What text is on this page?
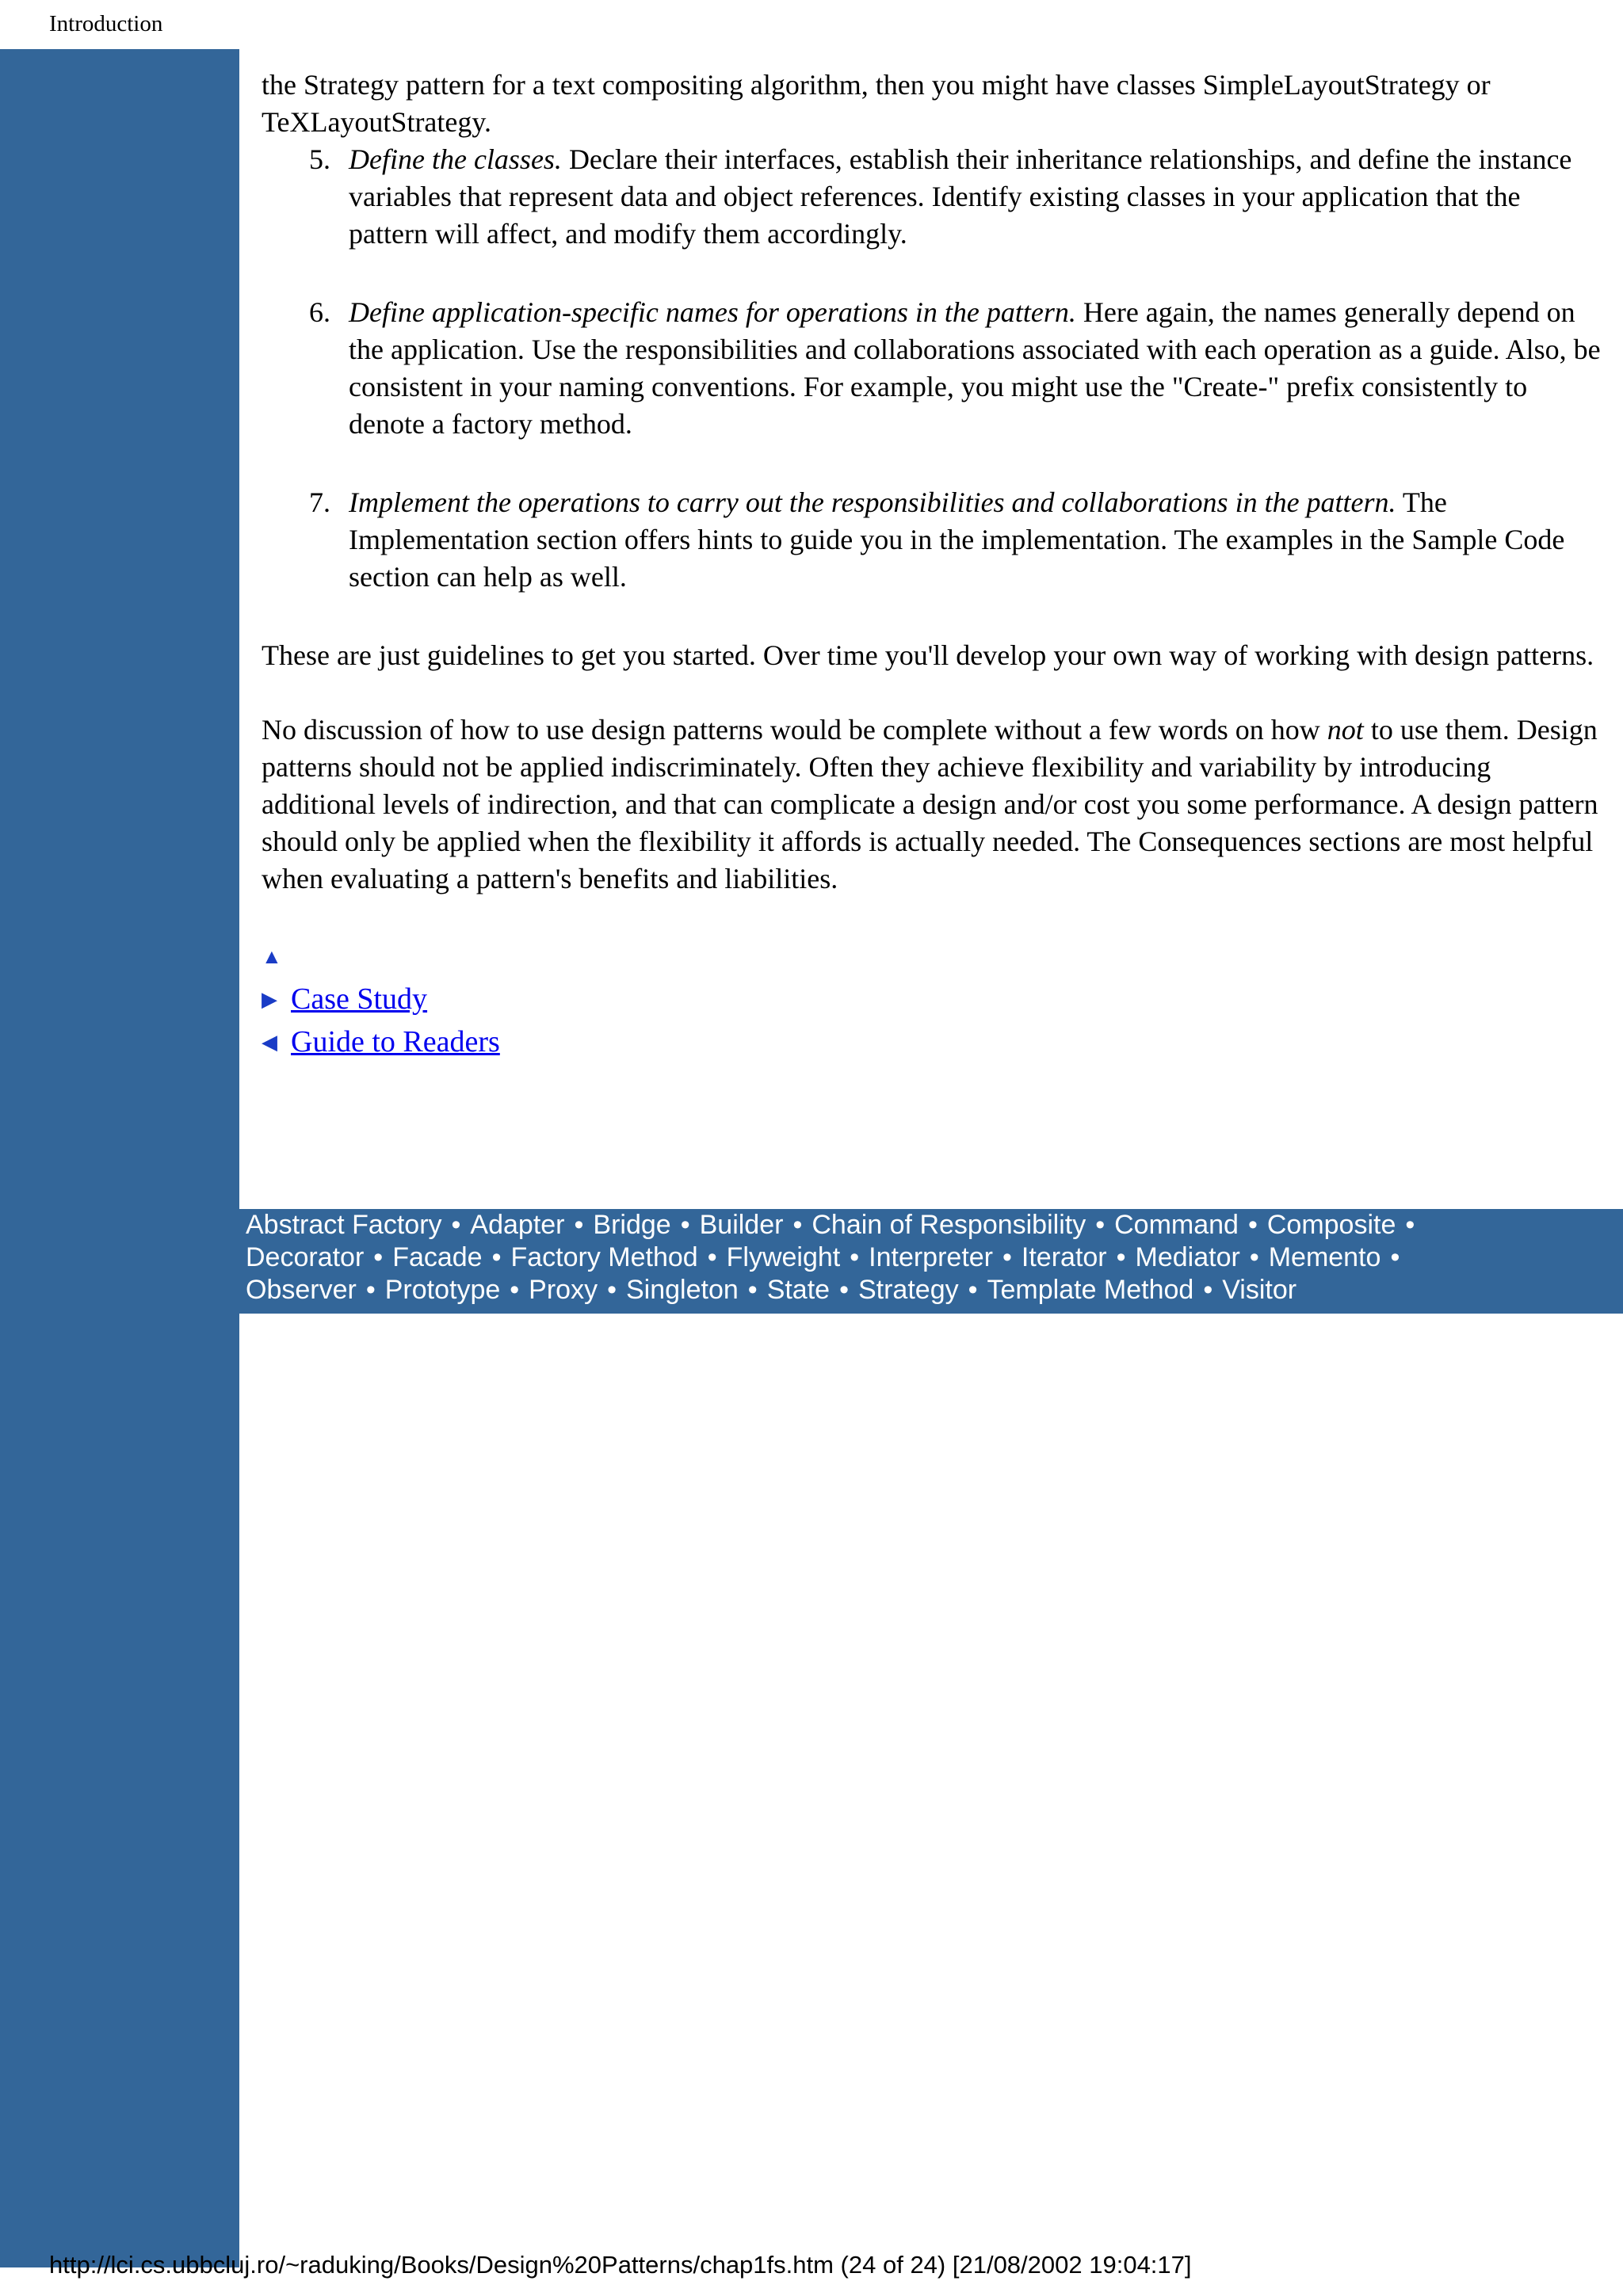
Introduction

the Strategy pattern for a text compositing algorithm, then you might have classes SimpleLayoutStrategy or TeXLayoutStrategy.

5. Define the classes. Declare their interfaces, establish their inheritance relationships, and define the instance variables that represent data and object references. Identify existing classes in your application that the pattern will affect, and modify them accordingly.

6. Define application-specific names for operations in the pattern. Here again, the names generally depend on the application. Use the responsibilities and collaborations associated with each operation as a guide. Also, be consistent in your naming conventions. For example, you might use the "Create-" prefix consistently to denote a factory method.

7. Implement the operations to carry out the responsibilities and collaborations in the pattern. The Implementation section offers hints to guide you in the implementation. The examples in the Sample Code section can help as well.

These are just guidelines to get you started. Over time you'll develop your own way of working with design patterns.

No discussion of how to use design patterns would be complete without a few words on how not to use them. Design patterns should not be applied indiscriminately. Often they achieve flexibility and variability by introducing additional levels of indirection, and that can complicate a design and/or cost you some performance. A design pattern should only be applied when the flexibility it affords is actually needed. The Consequences sections are most helpful when evaluating a pattern's benefits and liabilities.

▲
▶ Case Study
◀ Guide to Readers
Abstract Factory • Adapter • Bridge • Builder • Chain of Responsibility • Command • Composite •
Decorator • Facade • Factory Method • Flyweight • Interpreter • Iterator • Mediator • Memento •
Observer • Prototype • Proxy • Singleton • State • Strategy • Template Method • Visitor
http://lci.cs.ubbcluj.ro/~raduking/Books/Design%20Patterns/chap1fs.htm (24 of 24) [21/08/2002 19:04:17]
